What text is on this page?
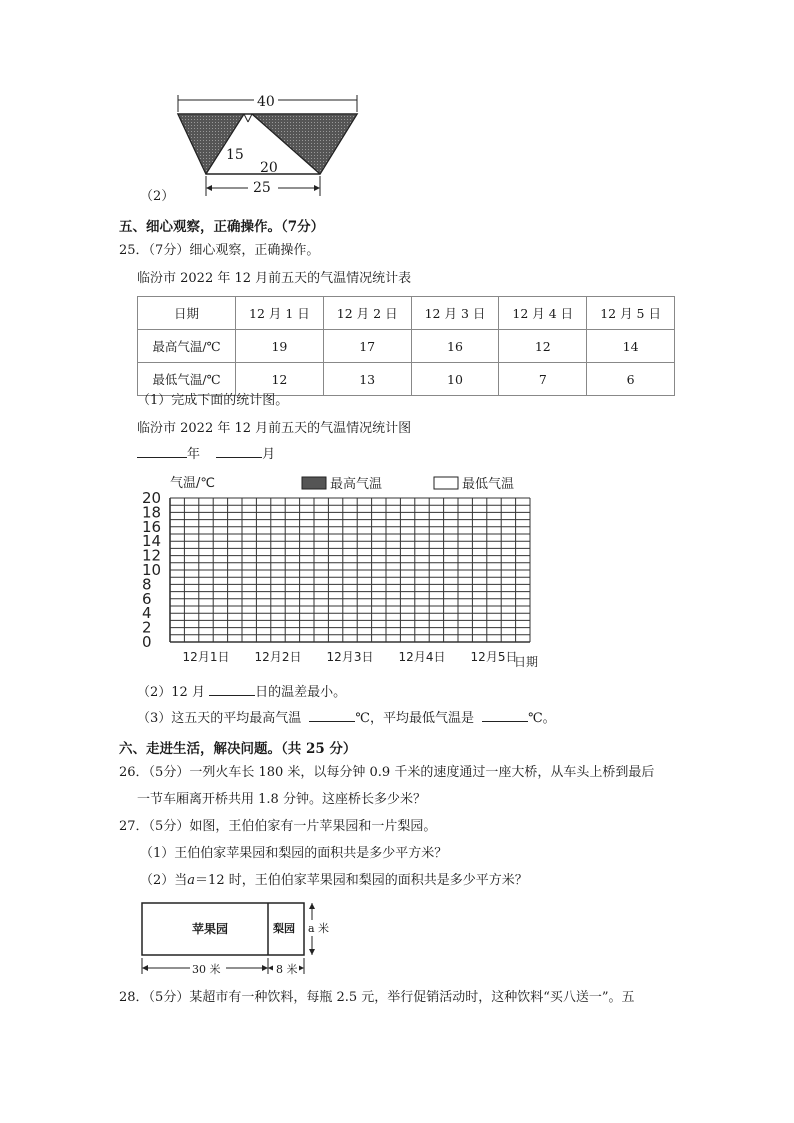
40
15
20
25
（2）
五、细心观察，正确操作。（7分）
25．（7分）细心观察，正确操作。
临汾市 2022 年 12 月前五天的气温情况统计表
日期	12 月 1 日	12 月 2 日	12 月 3 日	12 月 4 日	12 月 5 日
最高气温/℃	19	17	16	12	14
最低气温/℃	12	13	10	7	6
（1）完成下面的统计图。
临汾市 2022 年 12 月前五天的气温情况统计图
年	月
0
2
4
6
8
10
12
14
16
18
20
气温/℃	最高气温	最低气温
12月1日 12月2日 12月3日 12月4日 12月5日
日期
（2）12 月	日的温差最小。
（3）这五天的平均最高气温	℃，平均最低气温是	℃。
六、走进生活，解决问题。（共 25 分）
26．（5分）一列火车长 180 米，以每分钟 0.9 千米的速度通过一座大桥，从车头上桥到最后
一节车厢离开桥共用 1.8 分钟。这座桥长多少米？
27．（5分）如图，王伯伯家有一片苹果园和一片梨园。
（1）王伯伯家苹果园和梨园的面积共是多少平方米？
（2）当a＝12 时，王伯伯家苹果园和梨园的面积共是多少平方米？
苹果园	梨园 a 米
30 米	8 米
28．（5分）某超市有一种饮料，每瓶 2.5 元，举行促销活动时，这种饮料“买八送一”。五
